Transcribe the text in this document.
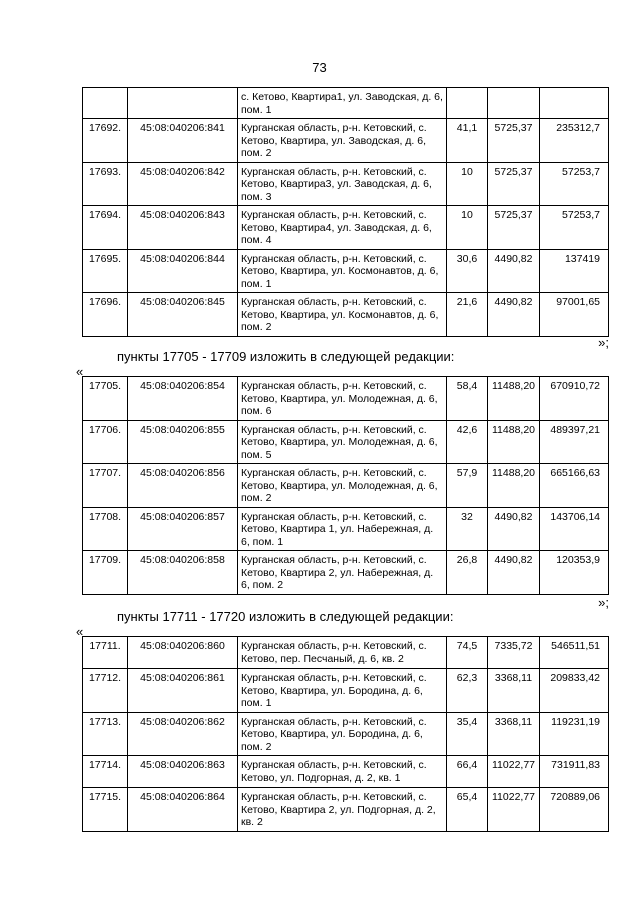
73
		с. Кетово, Квартира1, ул. Заводская, д. 6, пом. 1			
17692.	45:08:040206:841	Курганская область, р-н. Кетовский, с. Кетово, Квартира, ул. Заводская, д. 6, пом. 2	41,1	5725,37	235312,7
17693.	45:08:040206:842	Курганская область, р-н. Кетовский, с. Кетово, Квартира3, ул. Заводская, д. 6, пом. 3	10	5725,37	57253,7
17694.	45:08:040206:843	Курганская область, р-н. Кетовский, с. Кетово, Квартира4, ул. Заводская, д. 6, пом. 4	10	5725,37	57253,7
17695.	45:08:040206:844	Курганская область, р-н. Кетовский, с. Кетово, Квартира, ул. Космонавтов, д. 6, пом. 1	30,6	4490,82	137419
17696.	45:08:040206:845	Курганская область, р-н. Кетовский, с. Кетово, Квартира, ул. Космонавтов, д. 6, пом. 2	21,6	4490,82	97001,65
»;
пункты 17705 - 17709 изложить в следующей редакции:
«
17705.	45:08:040206:854	Курганская область, р-н. Кетовский, с. Кетово, Квартира, ул. Молодежная, д. 6, пом. 6	58,4	11488,20	670910,72
17706.	45:08:040206:855	Курганская область, р-н. Кетовский, с. Кетово, Квартира, ул. Молодежная, д. 6, пом. 5	42,6	11488,20	489397,21
17707.	45:08:040206:856	Курганская область, р-н. Кетовский, с. Кетово, Квартира, ул. Молодежная, д. 6, пом. 2	57,9	11488,20	665166,63
17708.	45:08:040206:857	Курганская область, р-н. Кетовский, с. Кетово, Квартира 1, ул. Набережная, д. 6, пом. 1	32	4490,82	143706,14
17709.	45:08:040206:858	Курганская область, р-н. Кетовский, с. Кетово, Квартира 2, ул. Набережная, д. 6, пом. 2	26,8	4490,82	120353,9
»;
пункты 17711 - 17720 изложить в следующей редакции:
«
17711.	45:08:040206:860	Курганская область, р-н. Кетовский, с. Кетово, пер. Песчаный, д. 6, кв. 2	74,5	7335,72	546511,51
17712.	45:08:040206:861	Курганская область, р-н. Кетовский, с. Кетово, Квартира, ул. Бородина, д. 6, пом. 1	62,3	3368,11	209833,42
17713.	45:08:040206:862	Курганская область, р-н. Кетовский, с. Кетово, Квартира, ул. Бородина, д. 6, пом. 2	35,4	3368,11	119231,19
17714.	45:08:040206:863	Курганская область, р-н. Кетовский, с. Кетово, ул. Подгорная, д. 2, кв. 1	66,4	11022,77	731911,83
17715.	45:08:040206:864	Курганская область, р-н. Кетовский, с. Кетово, Квартира 2, ул. Подгорная, д. 2, кв. 2	65,4	11022,77	720889,06
